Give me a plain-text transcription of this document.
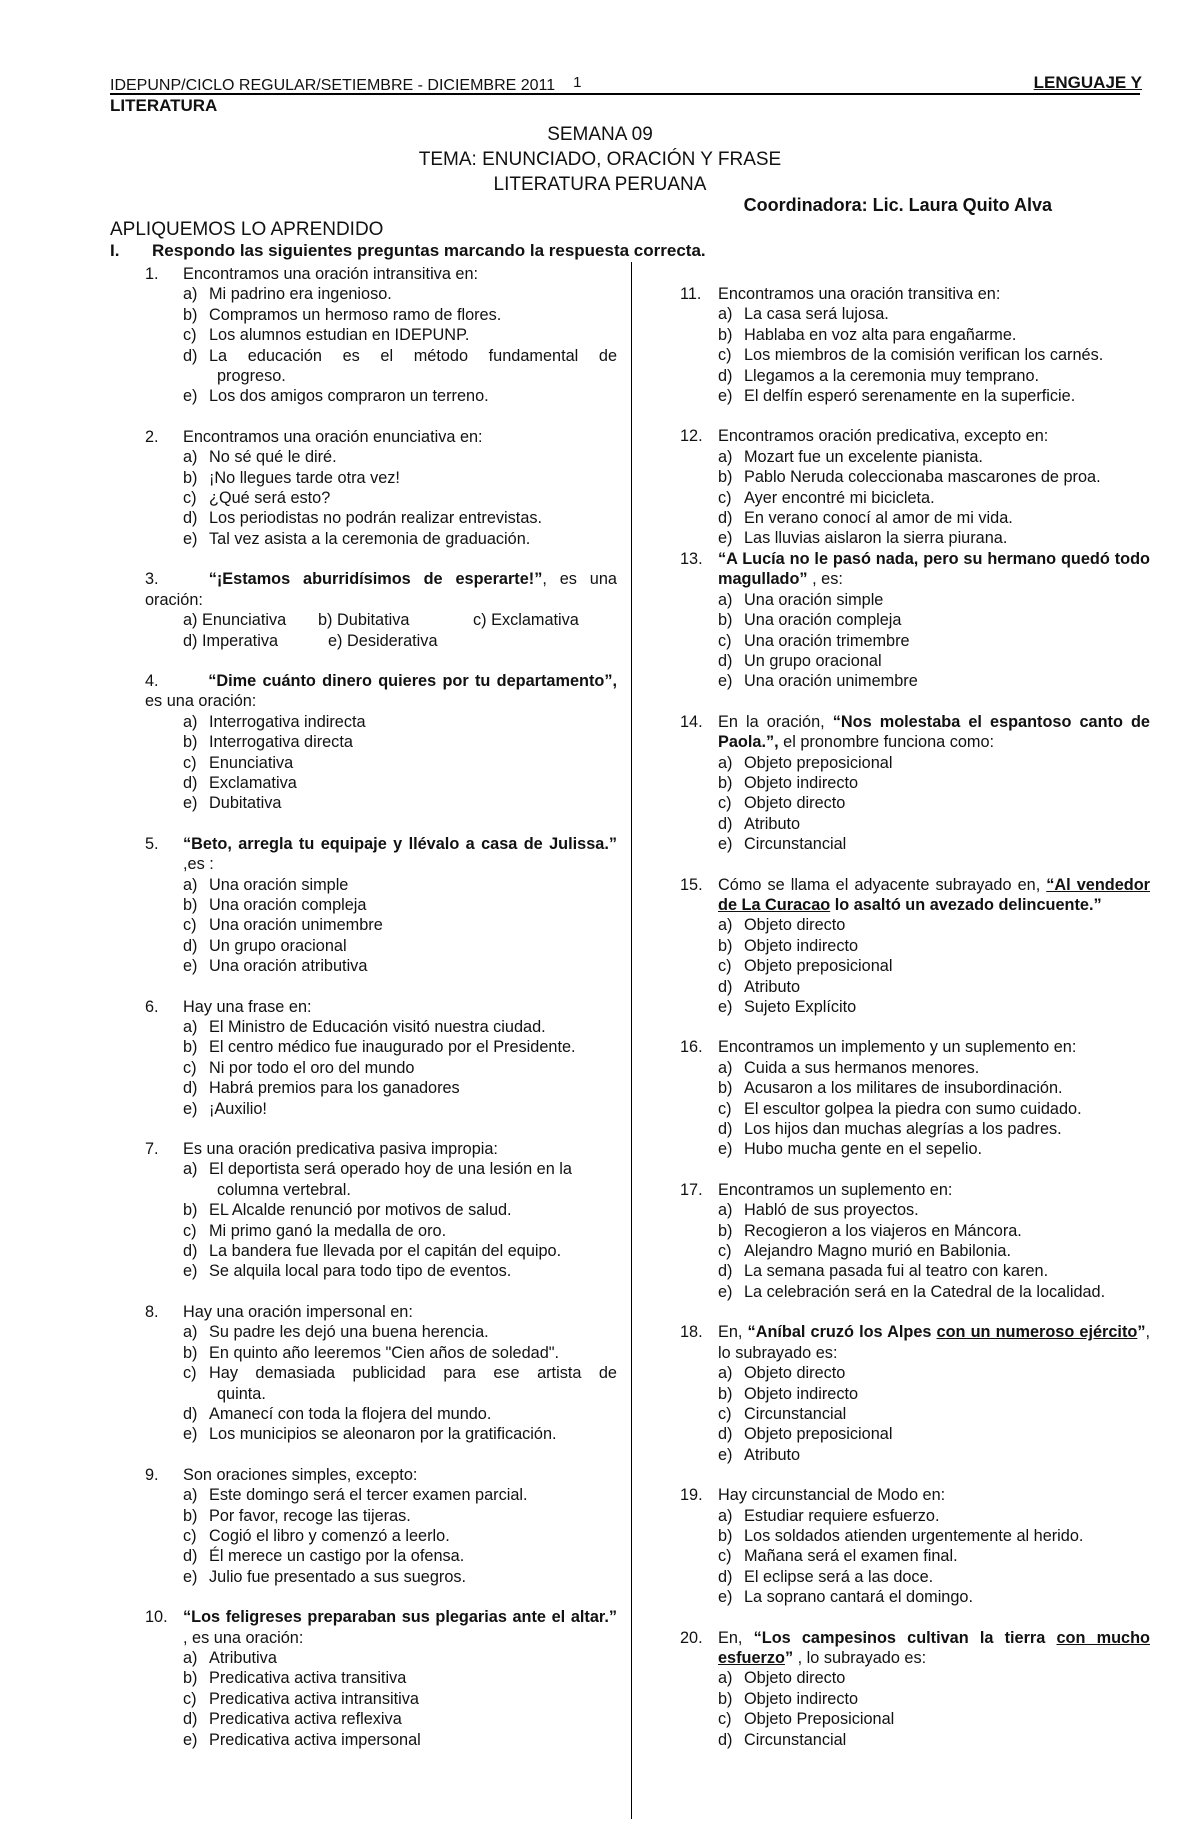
IDEPUNP/CICLO REGULAR/SETIEMBRE - DICIEMBRE 2011 1	LENGUAJE Y
LITERATURA
SEMANA 09
TEMA: ENUNCIADO, ORACIÓN Y FRASE
LITERATURA PERUANA
Coordinadora: Lic. Laura Quito Alva
APLIQUEMOS LO APRENDIDO
I. Respondo las siguientes preguntas marcando la respuesta correcta.
1. Encontramos una oración intransitiva en:
a) Mi padrino era ingenioso.
b) Compramos un hermoso ramo de flores.
c) Los alumnos estudian en IDEPUNP.
d) La educación es el método fundamental de
progreso.
e) Los dos amigos compraron un terreno.
2. Encontramos una oración enunciativa en:
a) No sé qué le diré.
b) ¡No llegues tarde otra vez!
c) ¿Qué será esto?
d) Los periodistas no podrán realizar entrevistas.
e) Tal vez asista a la ceremonia de graduación.
3.	“¡Estamos aburridísimos de esperarte!”, es una oración:
a) Enunciativa	b) Dubitativa	c) Exclamativa
d) Imperativa	e) Desiderativa
4.	“Dime cuánto dinero quieres por tu departamento”, es una oración:
a) Interrogativa indirecta
b) Interrogativa directa
c) Enunciativa
d) Exclamativa
e) Dubitativa
5. “Beto, arregla tu equipaje y llévalo a casa de Julissa.” ,es :
a) Una oración simple
b) Una oración compleja
c) Una oración unimembre
d) Un grupo oracional
e) Una oración atributiva
6. Hay una frase en:
a) El Ministro de Educación visitó nuestra ciudad.
b) El centro médico fue inaugurado por el Presidente.
c) Ni por todo el oro del mundo
d) Habrá premios para los ganadores
e) ¡Auxilio!
7. Es una oración predicativa pasiva impropia:
a) El deportista será operado hoy de una lesión en la
columna vertebral.
b) EL Alcalde renunció por motivos de salud.
c) Mi primo ganó la medalla de oro.
d) La bandera fue llevada por el capitán del equipo.
e) Se alquila local para todo tipo de eventos.
8. Hay una oración impersonal en:
a) Su padre les dejó una buena herencia.
b) En quinto año leeremos "Cien años de soledad".
c) Hay demasiada publicidad para ese artista de
quinta.
d) Amanecí con toda la flojera del mundo.
e) Los municipios se aleonaron por la gratificación.
9. Son oraciones simples, excepto:
a) Este domingo será el tercer examen parcial.
b) Por favor, recoge las tijeras.
c) Cogió el libro y comenzó a leerlo.
d) Él merece un castigo por la ofensa.
e) Julio fue presentado a sus suegros.
10. “Los feligreses preparaban sus plegarias ante el altar.” , es una oración:
a) Atributiva
b) Predicativa activa transitiva
c) Predicativa activa intransitiva
d) Predicativa activa reflexiva
e) Predicativa activa impersonal
11. Encontramos una oración transitiva en:
a) La casa será lujosa.
b) Hablaba en voz alta para engañarme.
c) Los miembros de la comisión verifican los carnés.
d) Llegamos a la ceremonia muy temprano.
e) El delfín esperó serenamente en la superficie.
12. Encontramos oración predicativa, excepto en:
a) Mozart fue un excelente pianista.
b) Pablo Neruda coleccionaba mascarones de proa.
c) Ayer encontré mi bicicleta.
d) En verano conocí al amor de mi vida.
e) Las lluvias aislaron la sierra piurana.
13. “A Lucía no le pasó nada, pero su hermano quedó todo magullado” , es:
a) Una oración simple
b) Una oración compleja
c) Una oración trimembre
d) Un grupo oracional
e) Una oración unimembre
14. En la oración, “Nos molestaba el espantoso canto de Paola.”, el pronombre funciona como:
a) Objeto preposicional
b) Objeto indirecto
c) Objeto directo
d) Atributo
e) Circunstancial
15. Cómo se llama el adyacente subrayado en, “Al vendedor de La Curacao lo asaltó un avezado delincuente.”
a) Objeto directo
b) Objeto indirecto
c) Objeto preposicional
d) Atributo
e) Sujeto Explícito
16. Encontramos un implemento y un suplemento en:
a) Cuida a sus hermanos menores.
b) Acusaron a los militares de insubordinación.
c) El escultor golpea la piedra con sumo cuidado.
d) Los hijos dan muchas alegrías a los padres.
e) Hubo mucha gente en el sepelio.
17. Encontramos un suplemento en:
a) Habló de sus proyectos.
b) Recogieron a los viajeros en Máncora.
c) Alejandro Magno murió en Babilonia.
d) La semana pasada fui al teatro con karen.
e) La celebración será en la Catedral de la localidad.
18. En, “Aníbal cruzó los Alpes con un numeroso ejército”, lo subrayado es:
a) Objeto directo
b) Objeto indirecto
c) Circunstancial
d) Objeto preposicional
e) Atributo
19. Hay circunstancial de Modo en:
a) Estudiar requiere esfuerzo.
b) Los soldados atienden urgentemente al herido.
c) Mañana será el examen final.
d) El eclipse será a las doce.
e) La soprano cantará el domingo.
20. En, “Los campesinos cultivan la tierra con mucho esfuerzo” , lo subrayado es:
a) Objeto directo
b) Objeto indirecto
c) Objeto Preposicional
d) Circunstancial
